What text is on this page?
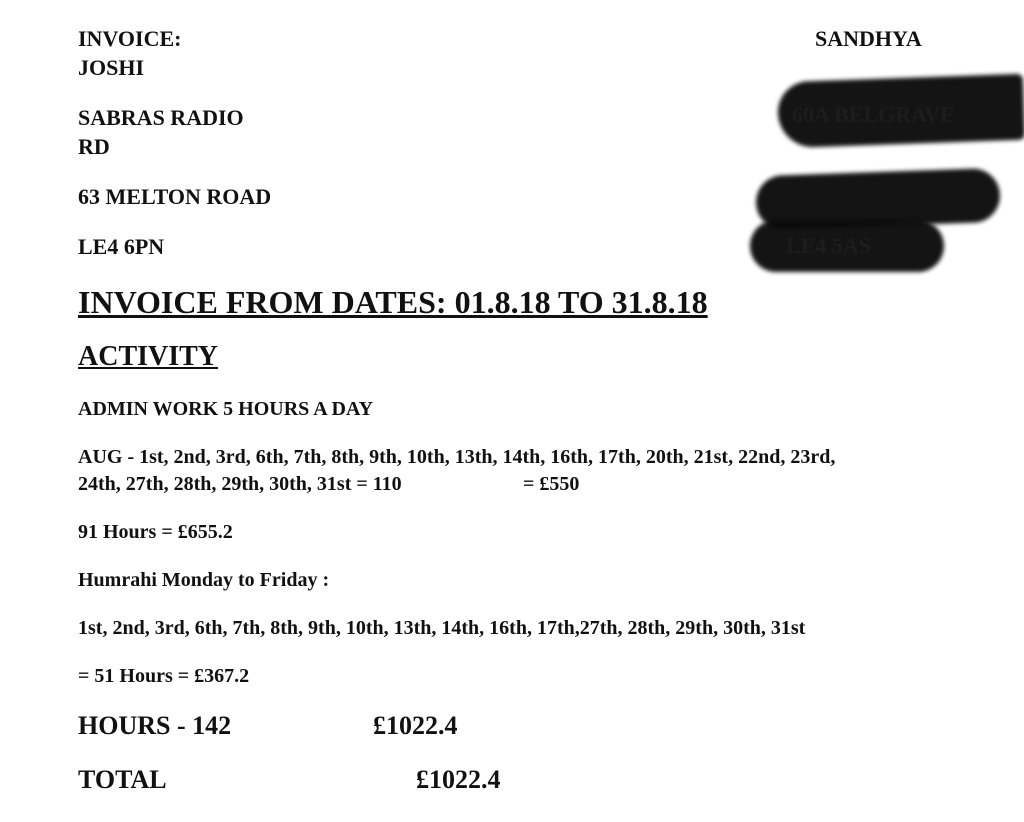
INVOICE:	SANDHYA

JOSHI

SABRAS RADIO

RD

63 MELTON ROAD

LE4 6PN

60A BELGRAVE
LE4 5AS

INVOICE FROM DATES: 01.8.18 TO 31.8.18

ACTIVITY

ADMIN WORK 5 HOURS A DAY

AUG - 1st, 2nd, 3rd, 6th, 7th, 8th, 9th, 10th, 13th, 14th, 16th, 17th, 20th, 21st, 22nd, 23rd,

24th, 27th, 28th, 29th, 30th, 31st = 110	= £550

91 Hours = £655.2

Humrahi Monday to Friday :

1st, 2nd, 3rd, 6th, 7th, 8th, 9th, 10th, 13th, 14th, 16th, 17th,27th, 28th, 29th, 30th, 31st

= 51 Hours = £367.2

HOURS - 142	£1022.4

TOTAL	£1022.4
